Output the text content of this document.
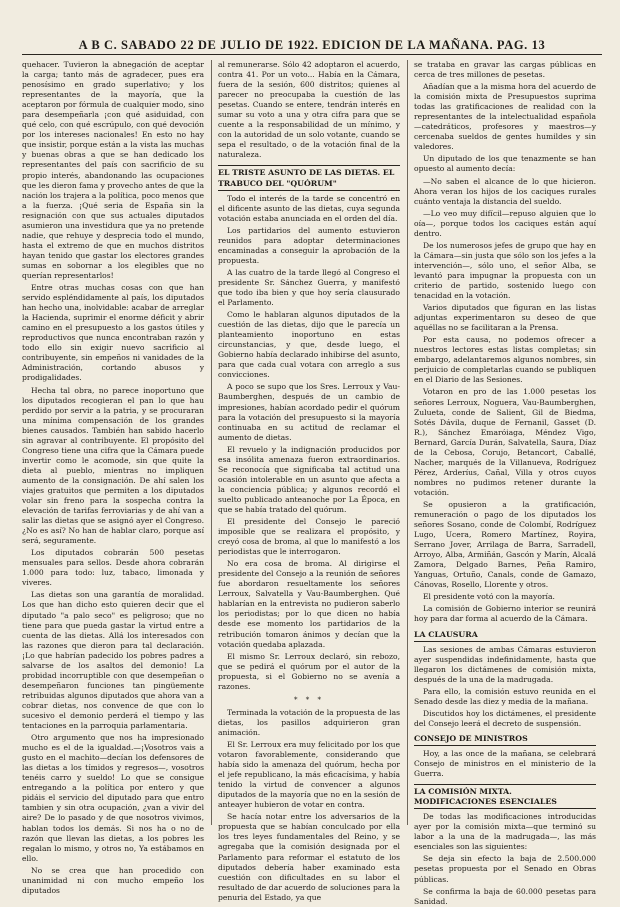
A B C. SABADO 22 DE JULIO DE 1922. EDICION DE LA MAÑANA. PAG. 13

quehacer. Tuvieron la abnegación de aceptar la carga; tanto más de agradecer, pues era penosísimo en grado superlativo; y los representantes de la mayoría, que la aceptaron por fórmula de cualquier modo, sino para desempeñarla ¡con qué asiduidad, con qué celo, con qué escrúpulo, con qué devoción por los intereses nacionales! En esto no hay que insistir, porque están a la vista las muchas y buenas obras a que se han dedicado los representantes del país con sacrificio de su propio interés, abandonando las ocupaciones que les dieron fama y provecho antes de que la nación los trajera a la política, poco menos que a la fuerza. ¡Qué seria de España sin la resignación con que sus actuales diputados asumieron una investidura que ya no pretende nadie, que rehuye y desprecia todo el mundo, hasta el extremo de que en muchos distritos hayan tenido que gastar los electores grandes sumas en sobornar a los elegibles que no querían representarlos!

Entre otras muchas cosas con que han servido espléndidamente al país, los diputados han hecho una, inolvidable: acabar de arreglar la Hacienda, suprimir el enorme déficit y abrir camino en el presupuesto a los gastos útiles y reproductivos que nunca encontraban razón y todo ello sin exigir nuevo sacrificio al contribuyente, sin empeños ni vanidades de la Administración, cortando abusos y prodigalidades.

Hecha tal obra, no parece inoportuno que los diputados recogieran el pan lo que hau perdido por servir a la patria, y se procuraran una mínima compensación de los grandes bienes causados. También han sabido hacerlo sin agravar al contribuyente. El propósito del Congreso tiene una cifra que la Cámara puede invertir como le acomode, sin que quite la dieta al pueblo, mientras no impliquen aumento de la consignación. De ahí salen los viajes gratuitos que permiten a los diputados volar sin freno para la sospecha contra la elevación de tarifas ferroviarias y de ahí van a salir las dietas que se asignó ayer el Congreso. ¿No es así? No han de hablar claro, porque así será, seguramente.

Los diputados cobrarán 500 pesetas mensuales para sellos. Desde ahora cobrarán 1.000 para todo: luz, tabaco, limonada y viveres.

Las dietas son una garantía de moralidad. Los que han dicho esto quieren decir que el diputado "a palo seco" es peligroso; que no tiene para que pueda gastar la virtud entre a cuenta de las dietas. Allá los interesados con las razones que dieron para tal declaración. ¡Lo que habrían padecido los pobres padres a salvarse de los asaltos del demonio! La probidad incorruptible con que desempeñan o desempeñaron funciones tan pingüemente retribuidas algunos diputados que ahora van a cobrar dietas, nos convence de que con lo sucesivo el demonio perderá el tiempo y las tentaciones en la parroquia parlamentaria.

Otro argumento que nos ha impresionado mucho es el de la igualdad.—¡Vosotros vais a gusto en el machito—decían los defensores de las dietas a los tímidos y regresos—, vosotros tenéis carro y sueldo! Lo que se consigue entregando a la política por entero y que pidáis el servicio del diputado para que entro tambien y sin otra ocupación, ¿van a vivir del aire? De lo pasado y de que nosotros vivimos, hablan todos los demás. Si nos ha o no de razón que llevan las dietas, a los pobres les regalan lo mismo, y otros no, Ya estábamos en ello.

No se crea que han procedido con unanimidad ni con mucho empeño los diputados

al remunerarse. Sólo 42 adoptaron el acuerdo, contra 41. Por un voto... Había en la Cámara, fuera de la sesión, 600 distritos; quienes al parecer no preocupaba la cuestión de las pesetas. Cuando se entere, tendrán interés en sumar su voto a una y otra cifra para que se cuente a la responsabilidad de un mínimo, y con la autoridad de un solo votante, cuando se sepa el resultado, o de la votación final de la naturaleza.

EL TRISTE ASUNTO DE LAS DIETAS. EL TRABUCO DEL "QUÓRUM"

Todo el interés de la tarde se concentró en el dificente asunto de las dietas, cuya segunda votación estaba anunciada en el orden del día.

Los partidarios del aumento estuvieron reunidos para adoptar determinaciones encaminadas a conseguir la aprobación de la propuesta.

A las cuatro de la tarde llegó al Congreso el presidente Sr. Sánchez Guerra, y manifestó que todo iba bien y que hoy sería clausurado el Parlamento.

Como le hablaran algunos diputados de la cuestión de las dietas, dijo que le parecía un planteamiento inoportuno en estas circunstancias, y que, desde luego, el Gobierno había declarado inhibirse del asunto, para que cada cual votara con arreglo a sus convicciones.

A poco se supo que los Sres. Lerroux y Vau-Baumberghen, después de un cambio de impresiones, habían acordado pedir el quórum para la votación del presupuesto si la mayoría continuaba en su actitud de reclamar el aumento de dietas.

El revuelo y la indignación producidos por esa insólita amenaza fueron extraordinarios. Se reconocía que significaba tal actitud una ocasión intolerable en un asunto que afecta a la conciencia pública; y algunos recordó el suelto publicado anteanoche por La Época, en que se había tratado del quórum.

El presidente del Consejo le pareció imposible que se realizara el propósito, y creyó cosa de broma, al que lo manifestó a los periodistas que le interrogaron.

No era cosa de broma. Al dirigirse el presidente del Consejo a la reunión de señores fue abordaron resueltamente los señores Lerroux, Salvatella y Vau-Baumberghen. Qué hablarían en la entrevista no pudieron saberlo los periodistas; por lo que dicen no había desde ese momento los partidarios de la retribución tomaron ánimos y decían que la votación quedaba aplazada.

El mismo Sr. Lerroux declaró, sin rebozo, que se pedirá el quórum por el autor de la propuesta, si el Gobierno no se avenía a razones.

* * *

Terminada la votación de la propuesta de las dietas, los pasillos adquirieron gran animación.

El Sr. Lerroux era muy felicitado por los que votaron favorablemente, considerando que había sido la amenaza del quórum, hecha por el jefe republicano, la más eficacísima, y había tenido la virtud de convencer a algunos diputados de la mayoría que no en la sesión de anteayer hubieron de votar en contra.

Se hacía notar entre los adversarios de la propuesta que se habían conculcado por ella los tres leyes fundamentales del Reino, y se agregaba que la comisión designada por el Parlamento para reformar el estatuto de los diputados debería haber examinado esta cuestión con dificultades en su labor el resultado de dar acuerdo de soluciones para la penuria del Estado, ya que

se trataba en gravar las cargas públicas en cerca de tres millones de pesetas.

Añadían que a la misma hora del acuerdo de la comisión mixta de Presupuestos suprima todas las gratificaciones de realidad con la representantes de la intelectualidad española—catedráticos, profesores y maestros—y cercenaba sueldos de gentes humildes y sin valedores.

Un diputado de los que tenazmente se han opuesto al aumento decía:

—No saben el alcance de lo que hicieron. Ahora veran los hijos de los caciques rurales cuánto ventaja la distancia del sueldo.

—Lo veo muy difícil—repuso alguien que lo oía—, porque todos los caciques están aquí dentro.

De los numerosos jefes de grupo que hay en la Cámara—sin justa que sólo son los jefes a la intervención—, sólo uno, el señor Alba, se levantó para impugnar la propuesta con un criterio de partido, sostenido luego con tenacidad en la votación.

Varios diputados que figuran en las listas adjuntas experimentaron su deseo de que aquéllas no se facilitaran a la Prensa.

Por esta causa, no podemos ofrecer a nuestros lectores estas listas completas; sin embargo, adelantaremos algunos nombres, sin perjuicio de completarlas cuando se publiquen en el Diario de las Sesiones.

Votaron en pro de las 1.000 pesetas los señores Lerroux, Noguera, Vau-Baumberghen, Zulueta, conde de Salient, Gil de Biedma, Sotés Dávila, duque de Fernanil, Gasset (D. R.), Sánchez Emaróiaga, Méndez Vigo, Bernard, García Durán, Salvatella, Saura, Díaz de la Cebosa, Corujo, Betancort, Caballé, Nacher, marqués de la Villanueva, Rodríguez Pérez, Arderíus, Cañal, Villa y otros cuyos nombres no pudimos retener durante la votación.

Se opusieron a la gratificación, remuneración o pago de los diputados los señores Sosano, conde de Colombí, Rodríguez Lugo, Ucera, Romero Martínez, Royira, Serrano Jover, Arrilaga de Barra, Sarradell, Arroyo, Alba, Armiñán, Gascón y Marín, Alcalá Zamora, Delgado Barnes, Peña Ramiro, Yanguas, Ortuño, Canals, conde de Gamazo, Cánovas, Rosello, Llorente y otros.

El presidente votó con la mayoría.

La comisión de Gobierno interior se reunirá hoy para dar forma al acuerdo de la Cámara.

LA CLAUSURA

Las sesiones de ambas Cámaras estuvieron ayer suspendidas indefinidamente, hasta que llegaron los dictámenes de comisión mixta, después de la una de la madrugada.

Para ello, la comisión estuvo reunida en el Senado desde las diez y media de la mañana.

Discutidos hoy los dictámenes, el presidente del Consejo leerá el decreto de suspensión.

CONSEJO DE MINISTROS

Hoy, a las once de la mañana, se celebrará Consejo de ministros en el ministerio de la Guerra.

LA COMISIÓN MIXTA. MODIFICACIONES ESENCIALES

De todas las modificaciones introducidas ayer por la comisión mixta—que terminó su labor a la una de la madrugada—, las más esenciales son las siguientes:

Se deja sin efecto la baja de 2.500.000 pesetas propuesta por el Senado en Obras públicas.

Se confirma la baja de 60.000 pesetas para Sanidad.
